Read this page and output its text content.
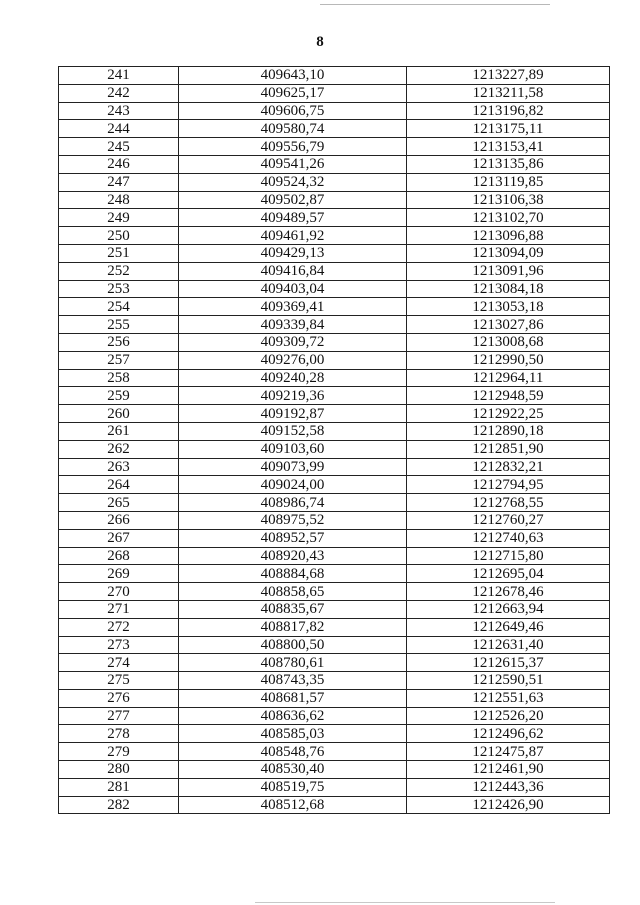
8
241	409643,10	1213227,89
242	409625,17	1213211,58
243	409606,75	1213196,82
244	409580,74	1213175,11
245	409556,79	1213153,41
246	409541,26	1213135,86
247	409524,32	1213119,85
248	409502,87	1213106,38
249	409489,57	1213102,70
250	409461,92	1213096,88
251	409429,13	1213094,09
252	409416,84	1213091,96
253	409403,04	1213084,18
254	409369,41	1213053,18
255	409339,84	1213027,86
256	409309,72	1213008,68
257	409276,00	1212990,50
258	409240,28	1212964,11
259	409219,36	1212948,59
260	409192,87	1212922,25
261	409152,58	1212890,18
262	409103,60	1212851,90
263	409073,99	1212832,21
264	409024,00	1212794,95
265	408986,74	1212768,55
266	408975,52	1212760,27
267	408952,57	1212740,63
268	408920,43	1212715,80
269	408884,68	1212695,04
270	408858,65	1212678,46
271	408835,67	1212663,94
272	408817,82	1212649,46
273	408800,50	1212631,40
274	408780,61	1212615,37
275	408743,35	1212590,51
276	408681,57	1212551,63
277	408636,62	1212526,20
278	408585,03	1212496,62
279	408548,76	1212475,87
280	408530,40	1212461,90
281	408519,75	1212443,36
282	408512,68	1212426,90
